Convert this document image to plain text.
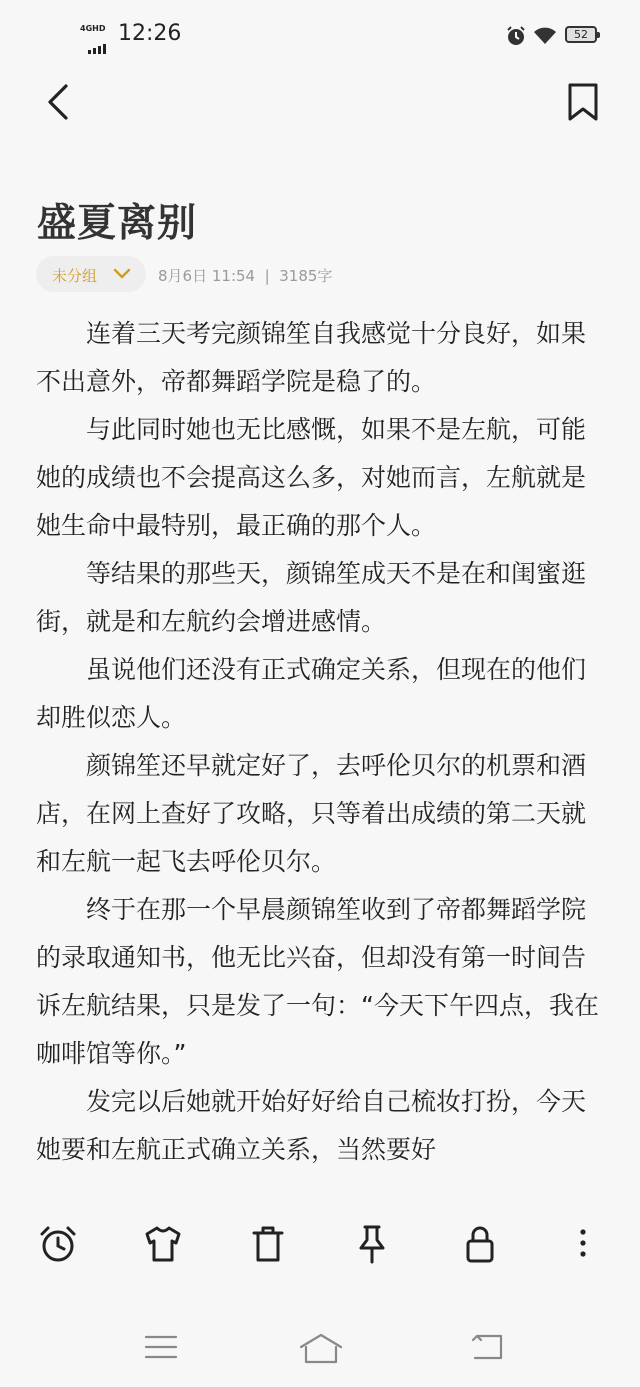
4GHD 12:26	52
盛夏离别
未分组	8月6日 11:54 | 3185字

　　连着三天考完颜锦笙自我感觉十分良好，如果不出意外，帝都舞蹈学院是稳了的。

　　与此同时她也无比感慨，如果不是左航，可能她的成绩也不会提高这么多，对她而言，左航就是她生命中最特别，最正确的那个人。

　　等结果的那些天，颜锦笙成天不是在和闺蜜逛街，就是和左航约会增进感情。

　　虽说他们还没有正式确定关系，但现在的他们却胜似恋人。

　　颜锦笙还早就定好了，去呼伦贝尔的机票和酒店，在网上查好了攻略，只等着出成绩的第二天就和左航一起飞去呼伦贝尔。

　　终于在那一个早晨颜锦笙收到了帝都舞蹈学院的录取通知书，他无比兴奋，但却没有第一时间告诉左航结果，只是发了一句：“今天下午四点，我在咖啡馆等你。”

　　发完以后她就开始好好给自己梳妆打扮，今天她要和左航正式确立关系，当然要好
